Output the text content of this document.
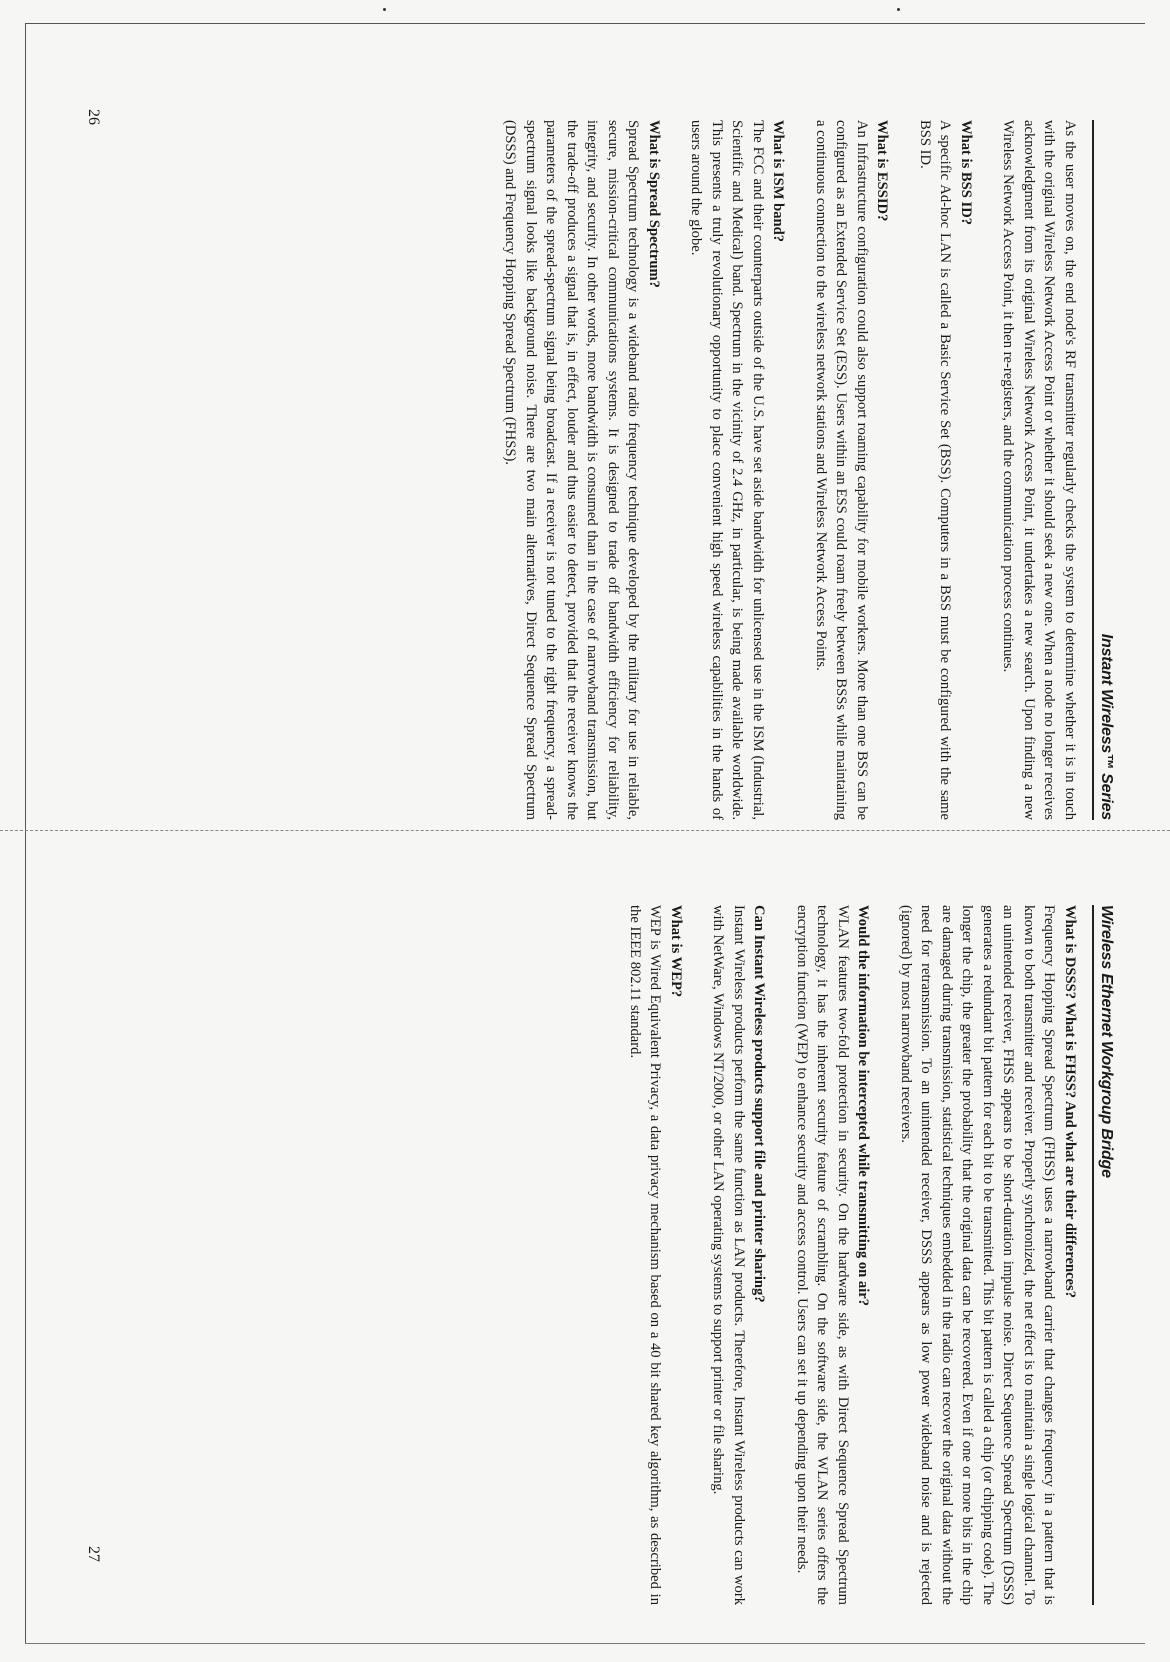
Instant Wireless™ Series

As the user moves on, the end node's RF transmitter regularly checks the system to determine whether it is in touch with the original Wireless Network Access Point or whether it should seek a new one. When a node no longer receives acknowledgment from its original Wireless Network Access Point, it undertakes a new search. Upon finding a new Wireless Network Access Point, it then re-registers, and the communication process continues.

What is BSS ID?

A specific Ad-hoc LAN is called a Basic Service Set (BSS). Computers in a BSS must be configured with the same BSS ID.

What is ESSID?

An Infrastructure configuration could also support roaming capability for mobile workers. More than one BSS can be configured as an Extended Service Set (ESS). Users within an ESS could roam freely between BSSs while maintaining a continuous connection to the wireless network stations and Wireless Network Access Points.

What is ISM band?

The FCC and their counterparts outside of the U.S. have set aside bandwidth for unlicensed use in the ISM (Industrial, Scientific and Medical) band. Spectrum in the vicinity of 2.4 GHz, in particular, is being made available worldwide. This presents a truly revolutionary opportunity to place convenient high speed wireless capabilities in the hands of users around the globe.

What is Spread Spectrum?

Spread Spectrum technology is a wideband radio frequency technique developed by the military for use in reliable, secure, mission-critical communications systems. It is designed to trade off bandwidth efficiency for reliability, integrity, and security. In other words, more bandwidth is consumed than in the case of narrowband transmission, but the trade-off produces a signal that is, in effect, louder and thus easier to detect, provided that the receiver knows the parameters of the spread-spectrum signal being broadcast. If a receiver is not tuned to the right frequency, a spread-spectrum signal looks like background noise. There are two main alternatives, Direct Sequence Spread Spectrum (DSSS) and Frequency Hopping Spread Spectrum (FHSS).

Wireless Ethernet Workgroup Bridge

What is DSSS? What is FHSS? And what are their differences?

Frequency Hopping Spread Spectrum (FHSS) uses a narrowband carrier that changes frequency in a pattern that is known to both transmitter and receiver. Properly synchronized, the net effect is to maintain a single logical channel. To an unintended receiver, FHSS appears to be short-duration impulse noise. Direct Sequence Spread Spectrum (DSSS) generates a redundant bit pattern for each bit to be transmitted. This bit pattern is called a chip (or chipping code). The longer the chip, the greater the probability that the original data can be recovered. Even if one or more bits in the chip are damaged during transmission, statistical techniques embedded in the radio can recover the original data without the need for retransmission. To an unintended receiver, DSSS appears as low power wideband noise and is rejected (ignored) by most narrowband receivers.

Would the information be intercepted while transmitting on air?

WLAN features two-fold protection in security. On the hardware side, as with Direct Sequence Spread Spectrum technology, it has the inherent security feature of scrambling. On the software side, the WLAN series offers the encryption function (WEP) to enhance security and access control. Users can set it up depending upon their needs.

Can Instant Wireless products support file and printer sharing?

Instant Wireless products perform the same function as LAN products. Therefore, Instant Wireless products can work with NetWare, Windows NT/2000, or other LAN operating systems to support printer or file sharing.

What is WEP?

WEP is Wired Equivalent Privacy, a data privacy mechanism based on a 40 bit shared key algorithm, as described in the IEEE 802.11 standard.

26
27
